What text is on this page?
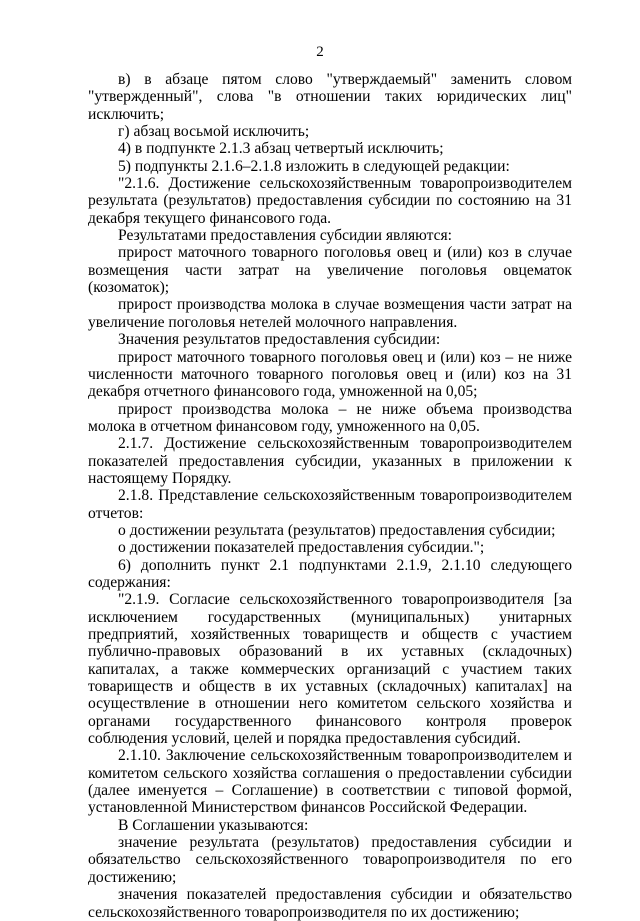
2

в) в абзаце пятом слово "утверждаемый" заменить словом "утвержденный", слова "в отношении таких юридических лиц" исключить;

г) абзац восьмой исключить;

4) в подпункте 2.1.3 абзац четвертый исключить;

5) подпункты 2.1.6–2.1.8 изложить в следующей редакции:

"2.1.6. Достижение сельскохозяйственным товаропроизводителем результата (результатов) предоставления субсидии по состоянию на 31 декабря текущего финансового года.

Результатами предоставления субсидии являются:

прирост маточного товарного поголовья овец и (или) коз в случае возмещения части затрат на увеличение поголовья овцематок (козоматок);

прирост производства молока в случае возмещения части затрат на увеличение поголовья нетелей молочного направления.

Значения результатов предоставления субсидии:

прирост маточного товарного поголовья овец и (или) коз – не ниже численности маточного товарного поголовья овец и (или) коз на 31 декабря отчетного финансового года, умноженной на 0,05;

прирост производства молока – не ниже объема производства молока в отчетном финансовом году, умноженного на 0,05.

2.1.7. Достижение сельскохозяйственным товаропроизводителем показателей предоставления субсидии, указанных в приложении к настоящему Порядку.

2.1.8. Представление сельскохозяйственным товаропроизводителем отчетов:

о достижении результата (результатов) предоставления субсидии;

о достижении показателей предоставления субсидии.";

6) дополнить пункт 2.1 подпунктами 2.1.9, 2.1.10 следующего содержания:

"2.1.9. Согласие сельскохозяйственного товаропроизводителя [за исключением государственных (муниципальных) унитарных предприятий, хозяйственных товариществ и обществ с участием публично-правовых образований в их уставных (складочных) капиталах, а также коммерческих организаций с участием таких товариществ и обществ в их уставных (складочных) капиталах] на осуществление в отношении него комитетом сельского хозяйства и органами государственного финансового контроля проверок соблюдения условий, целей и порядка предоставления субсидий.

2.1.10. Заключение сельскохозяйственным товаропроизводителем и комитетом сельского хозяйства соглашения о предоставлении субсидии (далее именуется – Соглашение) в соответствии с типовой формой, установленной Министерством финансов Российской Федерации.

В Соглашении указываются:

значение результата (результатов) предоставления субсидии и обязательство сельскохозяйственного товаропроизводителя по его достижению;

значения показателей предоставления субсидии и обязательство сельскохозяйственного товаропроизводителя по их достижению;
